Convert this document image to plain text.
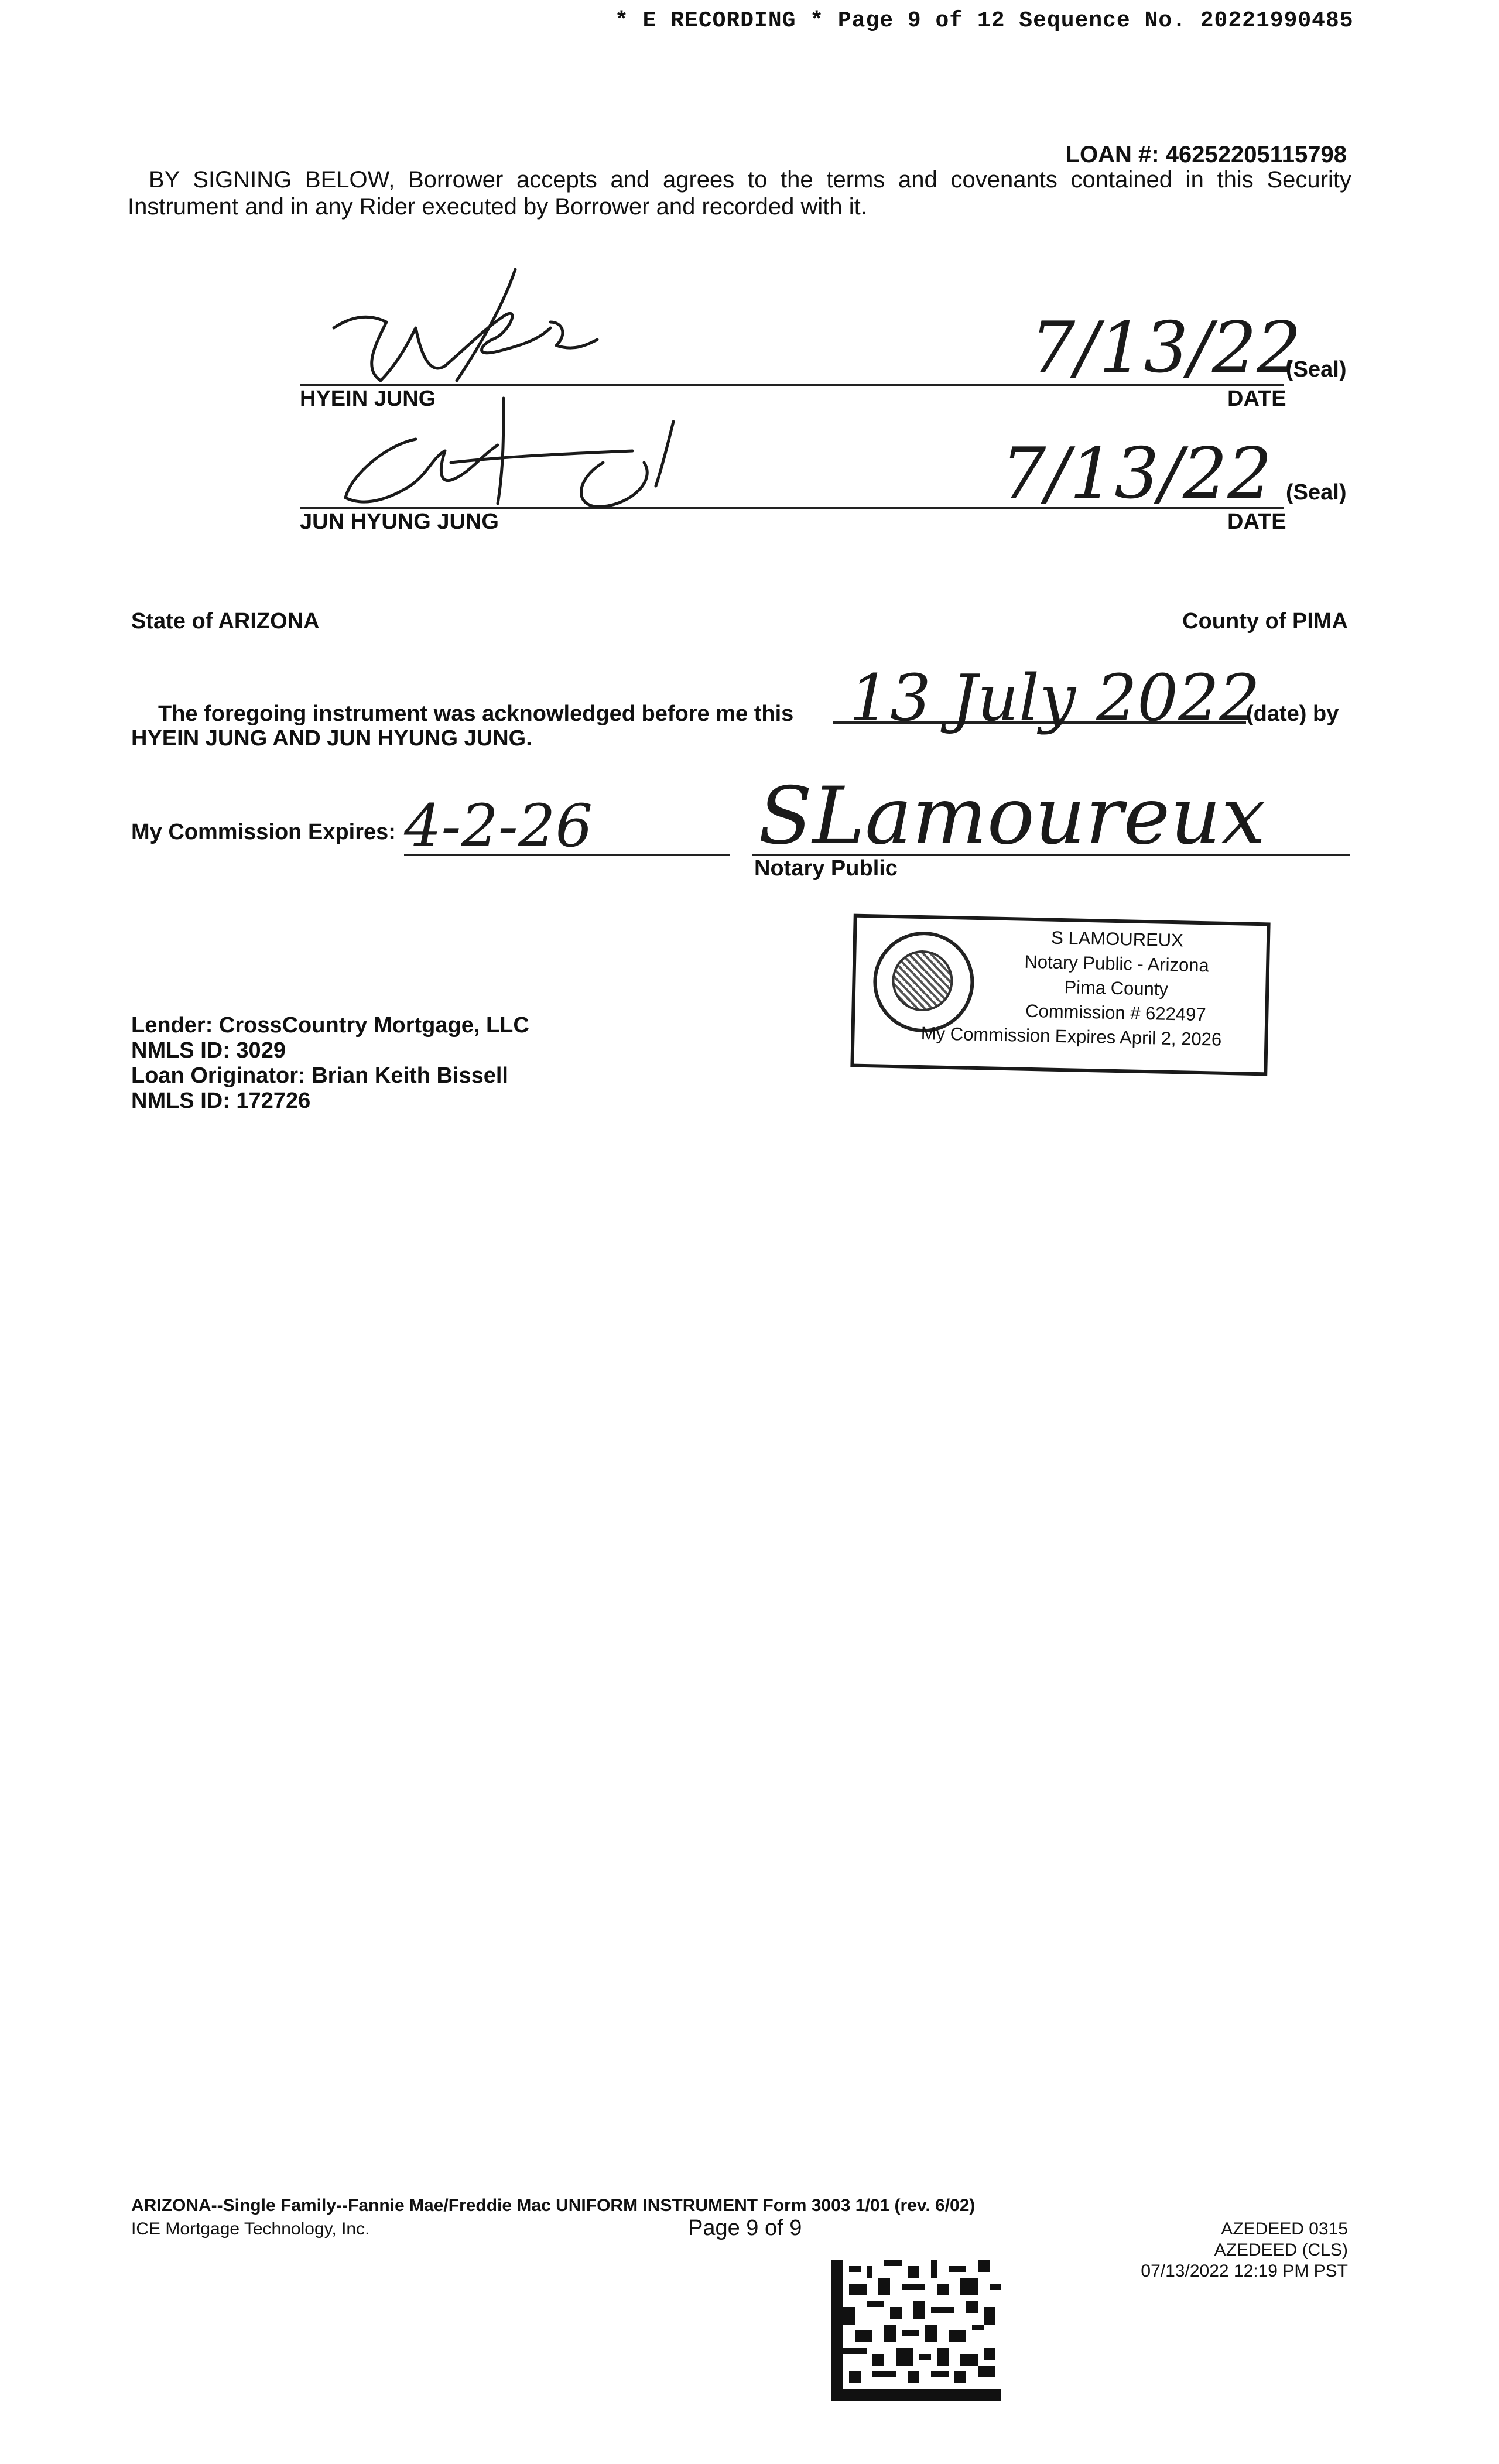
* E RECORDING * Page 9 of 12 Sequence No. 20221990485
LOAN #: 46252205115798
BY SIGNING BELOW, Borrower accepts and agrees to the terms and covenants contained in this Security Instrument and in any Rider executed by Borrower and recorded with it.
7/13/22
HYEIN JUNG
(Seal)
DATE
7/13/22
JUN HYUNG JUNG
(Seal)
DATE
State of ARIZONA	County of PIMA
The foregoing instrument was acknowledged before me this 13 July 2022
(date) by
HYEIN JUNG AND JUN HYUNG JUNG.
My Commission Expires: 4-2-26 SLamoureux
Notary Public
S LAMOUREUX
Notary Public - Arizona
Pima County
Commission # 622497
My Commission Expires April 2, 2026
Lender: CrossCountry Mortgage, LLC
NMLS ID: 3029
Loan Originator: Brian Keith Bissell
NMLS ID: 172726
ARIZONA--Single Family--Fannie Mae/Freddie Mac UNIFORM INSTRUMENT Form 3003 1/01 (rev. 6/02)
ICE Mortgage Technology, Inc.	Page 9 of 9	AZEDEED 0315
AZEDEED (CLS)
07/13/2022 12:19 PM PST
